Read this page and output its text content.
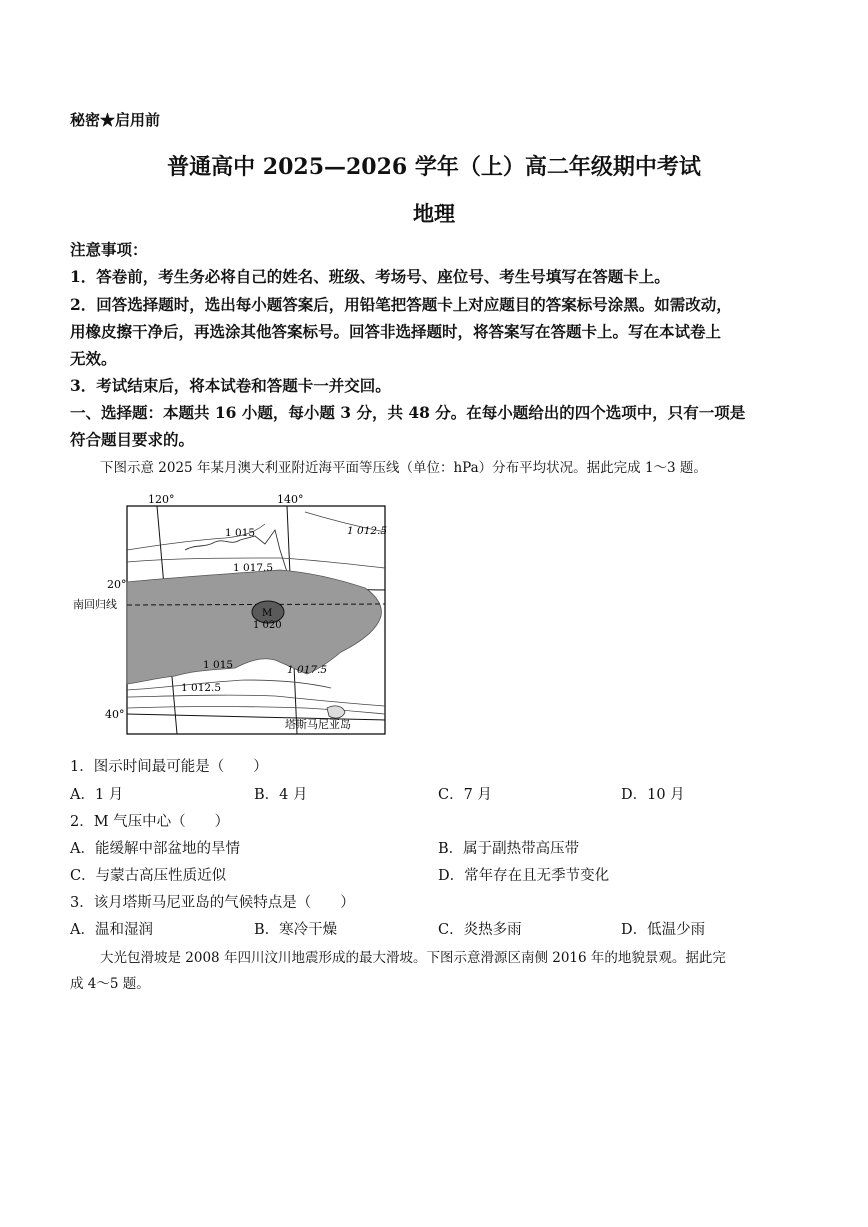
秘密★启用前
普通高中 2025—2026 学年（上）高二年级期中考试
地理
注意事项：
1．答卷前，考生务必将自己的姓名、班级、考场号、座位号、考生号填写在答题卡上。
2．回答选择题时，选出每小题答案后，用铅笔把答题卡上对应题目的答案标号涂黑。如需改动，
用橡皮擦干净后，再选涂其他答案标号。回答非选择题时，将答案写在答题卡上。写在本试卷上
无效。
3．考试结束后，将本试卷和答题卡一并交回。
一、选择题：本题共 16 小题，每小题 3 分，共 48 分。在每小题给出的四个选项中，只有一项是
符合题目要求的。
下图示意 2025 年某月澳大利亚附近海平面等压线（单位：hPa）分布平均状况。据此完成 1～3 题。
120°	140°
20°
40°
南回归线
1 015	1 012.5
1 017.5
M
1 020
1 015	1 017.5
1 012.5
塔斯马尼亚岛
1．图示时间最可能是（　　）
A．1 月	B．4 月	C．7 月	D．10 月
2．M 气压中心（　　）
A．能缓解中部盆地的旱情	B．属于副热带高压带
C．与蒙古高压性质近似	D．常年存在且无季节变化
3．该月塔斯马尼亚岛的气候特点是（　　）
A．温和湿润	B．寒冷干燥	C．炎热多雨	D．低温少雨
大光包滑坡是 2008 年四川汶川地震形成的最大滑坡。下图示意滑源区南侧 2016 年的地貌景观。据此完
成 4～5 题。
